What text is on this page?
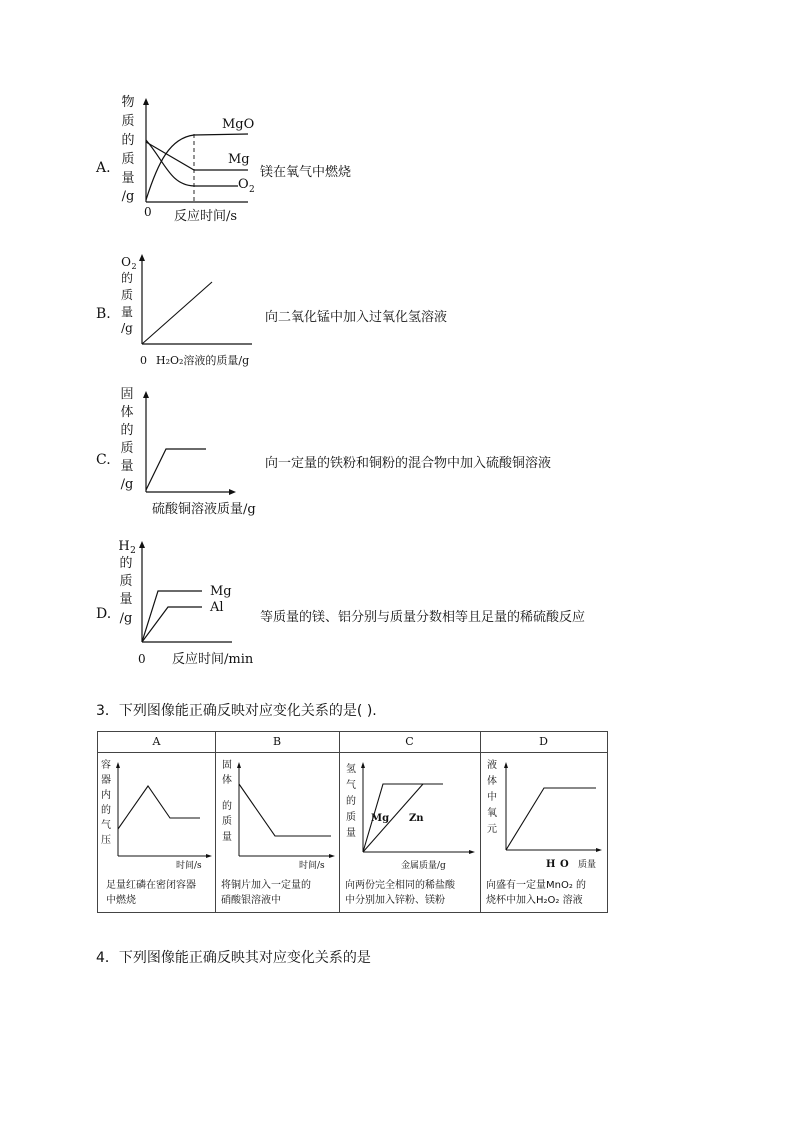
A.
物
质
的
质
量
/g
MgO
Mg
O 2
0 反应时间/s
镁在氧气中燃烧
B.
O 2
的
质
量
/g
0 H₂O₂溶液的质量/g
向二氧化锰中加入过氧化氢溶液
C.
固
体
的
质
量
/g
硫酸铜溶液质量/g
向一定量的铁粉和铜粉的混合物中加入硫酸铜溶液
D.
H 2
的
质
量
/g
Mg
Al
0 反应时间/min
等质量的镁、铝分别与质量分数相等且足量的稀硫酸反应
3．下列图像能正确反映对应变化关系的是( ).
A
容
器
内
的
气
压
时间/s
足量红磷在密闭容器
中燃烧
B
固
体
的
质
量
时间/s
将铜片加入一定量的
硝酸银溶液中
C
氢
气
的
质
量
Mg Zn
金属质量/g
向两份完全相同的稀盐酸
中分别加入锌粉、镁粉
D
液
体
中
氧
元
H O 质量
向盛有一定量MnO₂ 的
烧杯中加入H₂O₂ 溶液
4．下列图像能正确反映其对应变化关系的是
